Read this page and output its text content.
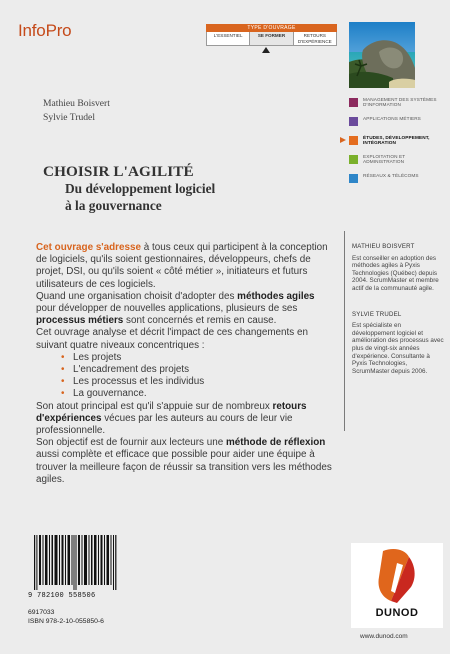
InfoPro	TYPE D'OUVRAGE
L'ESSENTIEL	SE FORMER	RETOURS D'EXPÉRIENCE
Mathieu Boisvert
Sylvie Trudel
MANAGEMENT DES SYSTÈMES D'INFORMATION
APPLICATIONS MÉTIERS
ÉTUDES, DÉVELOPPEMENT, INTÉGRATION
EXPLOITATION ET ADMINISTRATION
RÉSEAUX & TÉLÉCOMS
CHOISIR L'AGILITÉ
Du développement logiciel
à la gouvernance

Cet ouvrage s'adresse à tous ceux qui participent à la conception de logiciels, qu'ils soient gestionnaires, développeurs, chefs de projet, DSI, ou qu'ils soient « côté métier », initiateurs et futurs utilisateurs de ces logiciels.

Quand une organisation choisit d'adopter des méthodes agiles pour développer de nouvelles applications, plusieurs de ses processus métiers sont concernés et remis en cause.

Cet ouvrage analyse et décrit l'impact de ces changements en suivant quatre niveaux concentriques :

• Les projets
• L'encadrement des projets
• Les processus et les individus
• La gouvernance.

Son atout principal est qu'il s'appuie sur de nombreux retours d'expériences vécues par les auteurs au cours de leur vie professionnelle.

Son objectif est de fournir aux lecteurs une méthode de réflexion aussi complète et efficace que possible pour aider une équipe à trouver la meilleure façon de réussir sa transition vers les méthodes agiles.

MATHIEU BOISVERT
Est conseiller en adoption des méthodes agiles à Pyxis Technologies (Québec) depuis 2004. ScrumMaster et membre actif de la communauté agile.
SYLVIE TRUDEL
Est spécialiste en développement logiciel et amélioration des processus avec plus de vingt-six années d'expérience. Consultante à Pyxis Technologies, ScrumMaster depuis 2006.
9 782100 558506
6917033
ISBN 978-2-10-055850-6
DUNOD
www.dunod.com
